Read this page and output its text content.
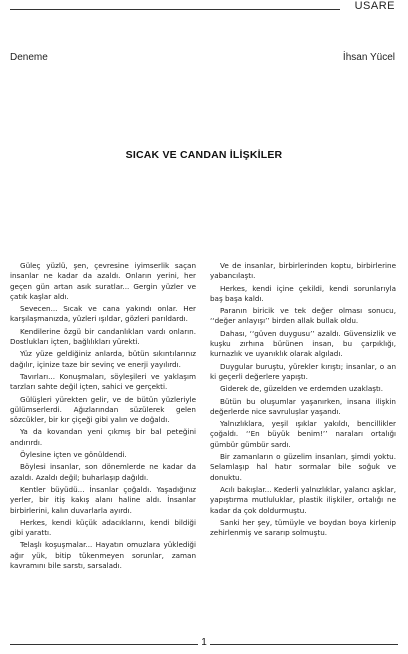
USARE
Deneme	İhsan Yücel
SICAK VE CANDAN İLİŞKİLER

Güleç yüzlü, şen, çevresine iyimserlik saçan insanlar ne kadar da azaldı. Onların yerini, her geçen gün artan asık suratlar... Gergin yüzler ve çatık kaşlar aldı.

Sevecen... Sıcak ve cana yakındı onlar. Her karşılaşmanızda, yüzleri ışıldar, gözleri parıldardı.

Kendilerine özgü bir candanlıkları vardı onların. Dostlukları içten, bağlılıkları yürekti.

Yüz yüze geldiğiniz anlarda, bütün sıkıntılarınız dağılır, içinize taze bir sevinç ve enerji yayılırdı.

Tavırları... Konuşmaları, söyleşileri ve yaklaşım tarzları sahte değil içten, sahici ve gerçekti.

Gülüşleri yürekten gelir, ve de bütün yüzleriyle gülümserlerdi. Ağızlarından süzülerek gelen sözcükler, bir kır çiçeği gibi yalın ve doğaldı.

Ya da kovandan yeni çıkmış bir bal peteğini andırırdı.

Öylesine içten ve gönüldendi.

Böylesi insanlar, son dönemlerde ne kadar da azaldı. Azaldı değil; buharlaşıp dağıldı.

Kentler büyüdü... İnsanlar çoğaldı. Yaşadığınız yerler, bir itiş kakış alanı haline aldı. İnsanlar birbirlerini, kalın duvarlarla ayırdı.

Herkes, kendi küçük adacıklarını, kendi bildiği gibi yarattı.

Telaşlı koşuşmalar... Hayatın omuzlara yüklediği ağır yük, bitip tükenmeyen sorunlar, zaman kavramını bile sarstı, sarsaladı.

Ve de insanlar, birbirlerinden koptu, birbirlerine yabancılaştı.

Herkes, kendi içine çekildi, kendi sorunlarıyla baş başa kaldı.

Paranın biricik ve tek değer olması sonucu, ‘‘değer anlayışı’’ birden allak bullak oldu.

Dahası, ‘‘güven duygusu’’ azaldı. Güvensizlik ve kuşku zırhına bürünen insan, bu çarpıklığı, kurnazlık ve uyanıklık olarak algıladı.

Duygular buruştu, yürekler kırıştı; insanlar, o an ki geçerli değerlere yapıştı.

Giderek de, güzelden ve erdemden uzaklaştı.

Bütün bu oluşumlar yaşanırken, insana ilişkin değerlerde nice savrulușlar yaşandı.

Yalnızlıklara, yeşil ışıklar yakıldı, bencillikler çoğaldı. ‘‘En büyük benim!’’ naraları ortalığı gümbür gümbür sardı.

Bir zamanların o güzelim insanları, şimdi yoktu. Selamlaşıp hal hatır sormalar bile soğuk ve donuktu.

Acılı bakışlar... Kederli yalnızlıklar, yalancı aşklar, yapıştırma mutluluklar, plastik ilişkiler, ortalığı ne kadar da çok doldurmuştu.

Sanki her şey, tümüyle ve boydan boya kirlenip zehirlenmiş ve sararıp solmuştu.

1
